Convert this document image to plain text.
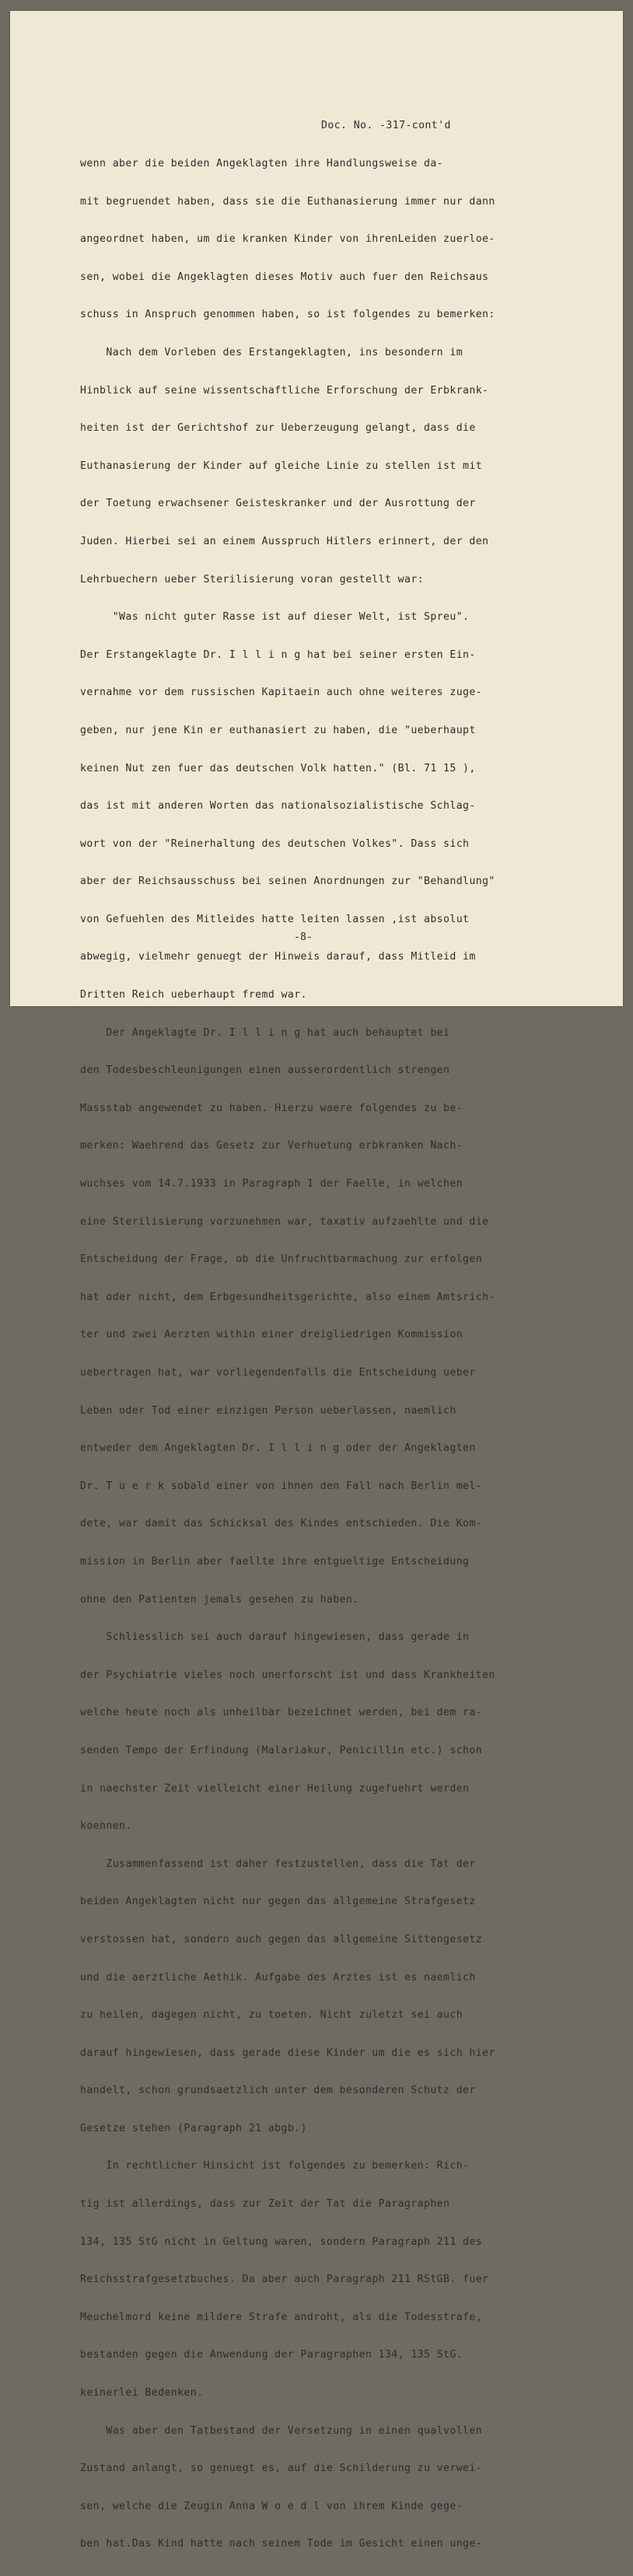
Doc. No. -317-cont'd

wenn aber die beiden Angeklagten ihre Handlungsweise da-

mit begruendet haben, dass sie die Euthanasierung immer nur dann

angeordnet haben, um die kranken Kinder von ihrenLeiden zuerloe-

sen, wobei die Angeklagten dieses Motiv auch fuer den Reichsaus

schuss in Anspruch genommen haben, so ist folgendes zu bemerken:

Nach dem Vorleben des Erstangeklagten, ins besondern im

Hinblick auf seine wissentschaftliche Erforschung der Erbkrank-

heiten ist der Gerichtshof zur Ueberzeugung gelangt, dass die

Euthanasierung der Kinder auf gleiche Linie zu stellen ist mit

der Toetung erwachsener Geisteskranker und der Ausrottung der

Juden. Hierbei sei an einem Ausspruch Hitlers erinnert, der den

Lehrbuechern ueber Sterilisierung voran gestellt war:

"Was nicht guter Rasse ist auf dieser Welt, ist Spreu".

Der Erstangeklagte Dr. I l l i n g hat bei seiner ersten Ein-

vernahme vor dem russischen Kapitaein auch ohne weiteres zuge-

geben, nur jene Kin er euthanasiert zu haben, die "ueberhaupt

keinen Nut zen fuer das deutschen Volk hatten." (Bl. 71 15 ),

das ist mit anderen Worten das nationalsozialistische Schlag-

wort von der "Reinerhaltung des deutschen Volkes". Dass sich

aber der Reichsausschuss bei seinen Anordnungen zur "Behandlung"

von Gefuehlen des Mitleides hatte leiten lassen ,ist absolut

abwegig, vielmehr genuegt der Hinweis darauf, dass Mitleid im

Dritten Reich ueberhaupt fremd war.

Der Angeklagte Dr. I l l i n g hat auch behauptet bei

den Todesbeschleunigungen einen ausserordentlich strengen

Massstab angewendet zu haben. Hierzu waere folgendes zu be-

merken: Waehrend das Gesetz zur Verhuetung erbkranken Nach-

wuchses vom 14.7.1933 in Paragraph 1 der Faelle, in welchen

eine Sterilisierung vorzunehmen war, taxativ aufzaehlte und die

Entscheidung der Frage, ob die Unfruchtbarmachung zur erfolgen

hat oder nicht, dem Erbgesundheitsgerichte, also einem Amtsrich-

ter und zwei Aerzten within einer dreigliedrigen Kommission

uebertragen hat, war vorliegendenfalls die Entscheidung ueber

Leben oder Tod einer einzigen Person ueberlassen, naemlich

entweder dem Angeklagten Dr. I l l i n g oder der Angeklagten

Dr. T u e r k sobald einer von ihnen den Fall nach Berlin mel-

dete, war damit das Schicksal des Kindes entschieden. Die Kom-

mission in Berlin aber faellte ihre entgueltige Entscheidung

ohne den Patienten jemals gesehen zu haben.

Schliesslich sei auch darauf hingewiesen, dass gerade in

der Psychiatrie vieles noch unerforscht ist und dass Krankheiten

welche heute noch als unheilbar bezeichnet werden, bei dem ra-

senden Tempo der Erfindung (Malariakur, Penicillin etc.) schon

in naechster Zeit vielleicht einer Heilung zugefuehrt werden

koennen.

Zusammenfassend ist daher festzustellen, dass die Tat der

beiden Angeklagten nicht nur gegen das allgemeine Strafgesetz

verstossen hat, sondern auch gegen das allgemeine Sittengesetz

und die aerztliche Aethik. Aufgabe des Arztes ist es naemlich

zu heilen, dagegen nicht, zu toeten. Nicht zuletzt sei auch

darauf hingewiesen, dass gerade diese Kinder um die es sich hier

handelt, schon grundsaetzlich unter dem besonderen Schutz der

Gesetze stehen (Paragraph 21 abgb.)

In rechtlicher Hinsicht ist folgendes zu bemerken: Rich-

tig ist allerdings, dass zur Zeit der Tat die Paragraphen

134, 135 StG nicht in Geltung waren, sondern Paragraph 211 des

Reichsstrafgesetzbuches. Da aber auch Paragraph 211 RStGB. fuer

Meuchelmord keine mildere Strafe androht, als die Todesstrafe,

bestanden gegen die Anwendung der Paragraphen 134, 135 StG.

keinerlei Bedenken.

Was aber den Tatbestand der Versetzung in einen qualvollen

Zustand anlangt, so genuegt es, auf die Schilderung zu verwei-

sen, welche die Zeugin Anna W o e d l von ihrem Kinde gege-

ben hat.Das Kind hatte nach seinem Tode im Gesicht einen unge-

-8-
